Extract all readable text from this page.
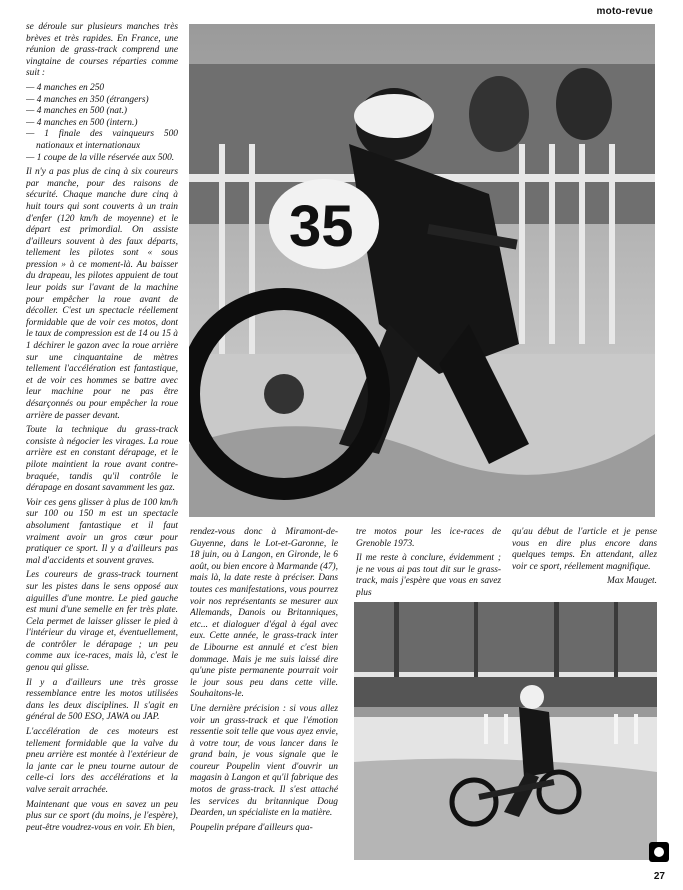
moto-revue

se déroule sur plusieurs manches très brèves et très rapides. En France, une réunion de grass-track comprend une vingtaine de courses réparties comme suit :

— 4 manches en 250
— 4 manches en 350 (étrangers)
— 4 manches en 500 (nat.)
— 4 manches en 500 (intern.)
— 1 finale des vainqueurs 500 nationaux et internationaux
— 1 coupe de la ville réservée aux 500.

Il n'y a pas plus de cinq à six coureurs par manche, pour des raisons de sécurité. Chaque manche dure cinq à huit tours qui sont couverts à un train d'enfer (120 km/h de moyenne) et le départ est primordial. On assiste d'ailleurs souvent à des faux départs, tellement les pilotes sont « sous pression » à ce moment-là. Au baisser du drapeau, les pilotes appuient de tout leur poids sur l'avant de la machine pour empêcher la roue avant de décoller. C'est un spectacle réellement formidable que de voir ces motos, dont le taux de compression est de 14 ou 15 à 1 déchirer le gazon avec la roue arrière sur une cinquantaine de mètres tellement l'accélération est fantastique, et de voir ces hommes se battre avec leur machine pour ne pas être désarçonnés ou pour empêcher la roue arrière de passer devant.

Toute la technique du grass-track consiste à négocier les virages. La roue arrière est en constant dérapage, et le pilote maintient la roue avant contre-braquée, tandis qu'il contrôle le dérapage en dosant savamment les gaz.

Voir ces gens glisser à plus de 100 km/h sur 100 ou 150 m est un spectacle absolument fantastique et il faut vraiment avoir un gros cœur pour pratiquer ce sport. Il y a d'ailleurs pas mal d'accidents et souvent graves.

Les coureurs de grass-track tournent sur les pistes dans le sens opposé aux aiguilles d'une montre. Le pied gauche est muni d'une semelle en fer très plate. Cela permet de laisser glisser le pied à l'intérieur du virage et, éventuellement, de contrôler le dérapage ; un peu comme aux ice-races, mais là, c'est le genou qui glisse.

Il y a d'ailleurs une très grosse ressemblance entre les motos utilisées dans les deux disciplines. Il s'agit en général de 500 ESO, JAWA ou JAP.

L'accélération de ces moteurs est tellement formidable que la valve du pneu arrière est montée à l'extérieur de la jante car le pneu tourne autour de celle-ci lors des accélérations et la valve serait arrachée.

Maintenant que vous en savez un peu plus sur ce sport (du moins, je l'espère), peut-être voudrez-vous en voir. Eh bien,

35

rendez-vous donc à Miramont-de-Guyenne, dans le Lot-et-Garonne, le 18 juin, ou à Langon, en Gironde, le 6 août, ou bien encore à Marmande (47), mais là, la date reste à préciser. Dans toutes ces manifestations, vous pourrez voir nos représentants se mesurer aux Allemands, Danois ou Britanniques, etc... et dialoguer d'égal à égal avec eux. Cette année, le grass-track inter de Libourne est annulé et c'est bien dommage. Mais je me suis laissé dire qu'une piste permanente pourrait voir le jour sous peu dans cette ville. Souhaitons-le.

Une dernière précision : si vous allez voir un grass-track et que l'émotion ressentie soit telle que vous ayez envie, à votre tour, de vous lancer dans le grand bain, je vous signale que le coureur Poupelin vient d'ouvrir un magasin à Langon et qu'il fabrique des motos de grass-track. Il s'est attaché les services du britannique Doug Dearden, un spécialiste en la matière.

Poupelin prépare d'ailleurs qua-

tre motos pour les ice-races de Grenoble 1973.

Il me reste à conclure, évidemment ; je ne vous ai pas tout dit sur le grass-track, mais j'espère que vous en savez plus

qu'au début de l'article et je pense vous en dire plus encore dans quelques temps. En attendant, allez voir ce sport, réellement magnifique.

Max Mauget.
27
